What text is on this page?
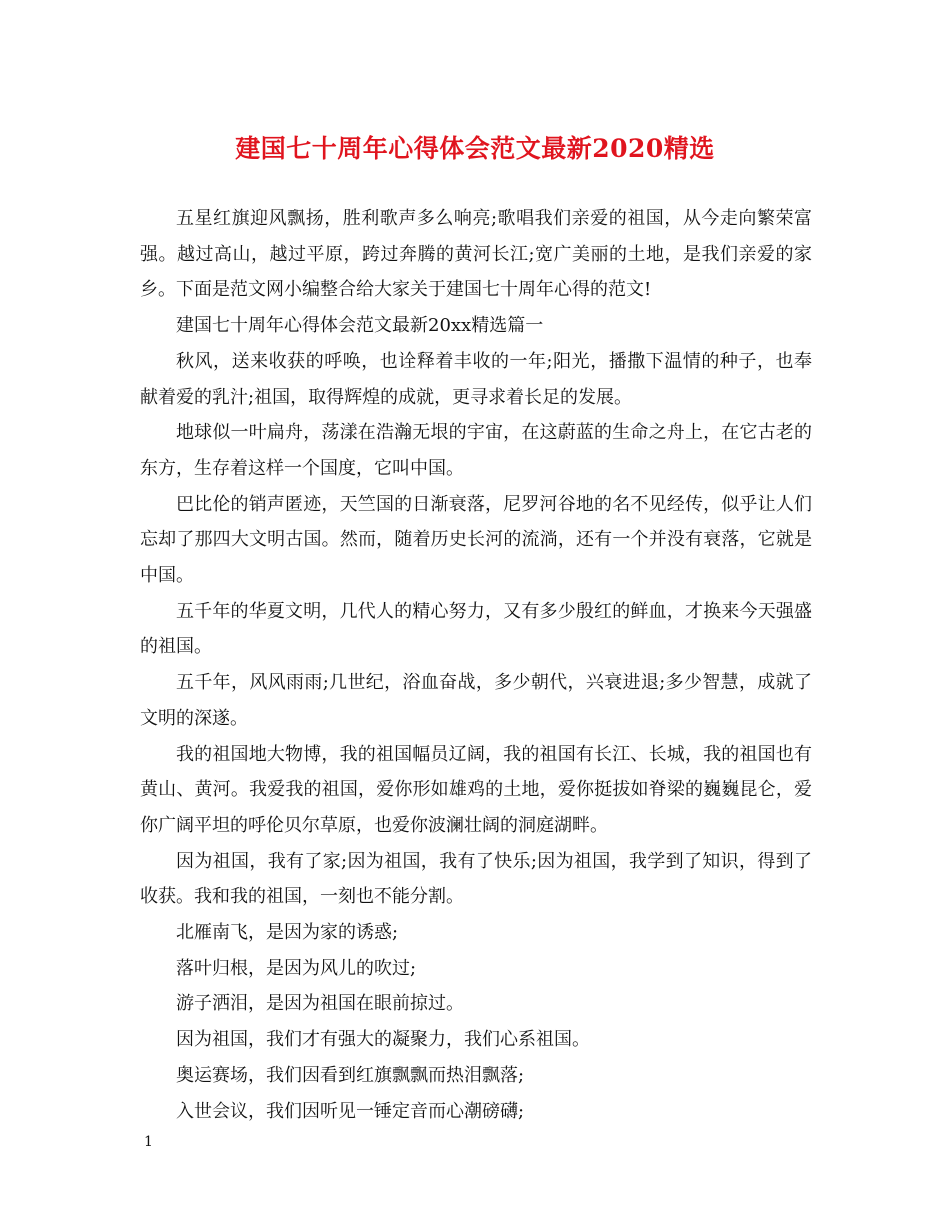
建国七十周年心得体会范文最新2020精选

五星红旗迎风飘扬，胜利歌声多么响亮;歌唱我们亲爱的祖国，从今走向繁荣富强。越过高山，越过平原，跨过奔腾的黄河长江;宽广美丽的土地，是我们亲爱的家乡。下面是范文网小编整合给大家关于建国七十周年心得的范文!

建国七十周年心得体会范文最新20xx精选篇一

秋风，送来收获的呼唤，也诠释着丰收的一年;阳光，播撒下温情的种子，也奉献着爱的乳汁;祖国，取得辉煌的成就，更寻求着长足的发展。

地球似一叶扁舟，荡漾在浩瀚无垠的宇宙，在这蔚蓝的生命之舟上，在它古老的东方，生存着这样一个国度，它叫中国。

巴比伦的销声匿迹，天竺国的日渐衰落，尼罗河谷地的名不见经传，似乎让人们忘却了那四大文明古国。然而，随着历史长河的流淌，还有一个并没有衰落，它就是中国。

五千年的华夏文明，几代人的精心努力，又有多少殷红的鲜血，才换来今天强盛的祖国。

五千年，风风雨雨;几世纪，浴血奋战，多少朝代，兴衰进退;多少智慧，成就了文明的深遂。

我的祖国地大物博，我的祖国幅员辽阔，我的祖国有长江、长城，我的祖国也有黄山、黄河。我爱我的祖国，爱你形如雄鸡的土地，爱你挺拔如脊梁的巍巍昆仑，爱你广阔平坦的呼伦贝尔草原，也爱你波澜壮阔的洞庭湖畔。

因为祖国，我有了家;因为祖国，我有了快乐;因为祖国，我学到了知识，得到了收获。我和我的祖国，一刻也不能分割。

北雁南飞，是因为家的诱惑;

落叶归根，是因为风儿的吹过;

游子洒泪，是因为祖国在眼前掠过。

因为祖国，我们才有强大的凝聚力，我们心系祖国。

奥运赛场，我们因看到红旗飘飘而热泪飘落;

入世会议，我们因听见一锤定音而心潮磅礴;

1
